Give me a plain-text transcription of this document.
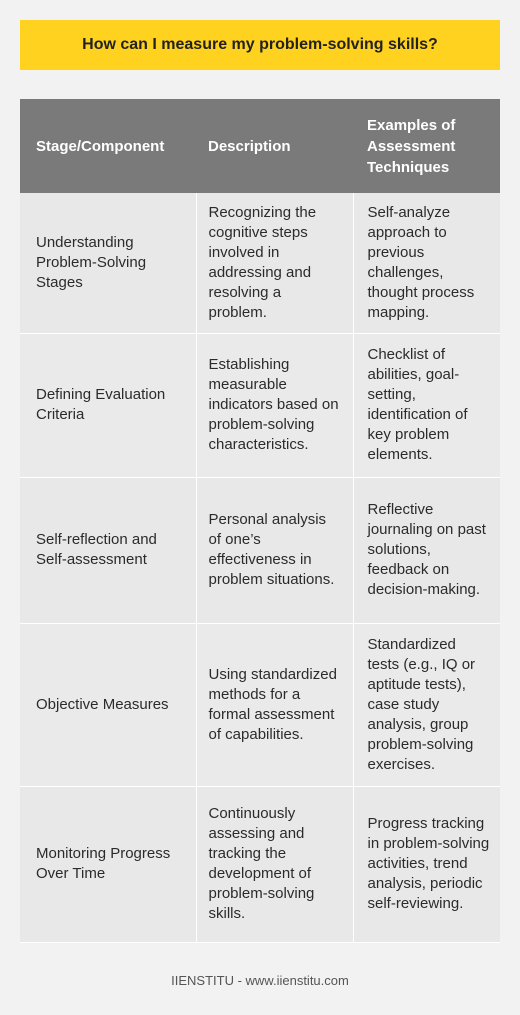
How can I measure my problem-solving skills?
Stage/Component	Description	Examples of Assessment Techniques
Understanding Problem-Solving Stages	Recognizing the cognitive steps involved in addressing and resolving a problem.	Self-analyze approach to previous challenges, thought process mapping.
Defining Evaluation Criteria	Establishing measurable indicators based on problem-solving characteristics.	Checklist of abilities, goal-setting, identification of key problem elements.
Self-reflection and Self-assessment	Personal analysis of one’s effectiveness in problem situations.	Reflective journaling on past solutions, feedback on decision-making.
Objective Measures	Using standardized methods for a formal assessment of capabilities.	Standardized tests (e.g., IQ or aptitude tests), case study analysis, group problem-solving exercises.
Monitoring Progress Over Time	Continuously assessing and tracking the development of problem-solving skills.	Progress tracking in problem-solving activities, trend analysis, periodic self-reviewing.
IIENSTITU - www.iienstitu.com
